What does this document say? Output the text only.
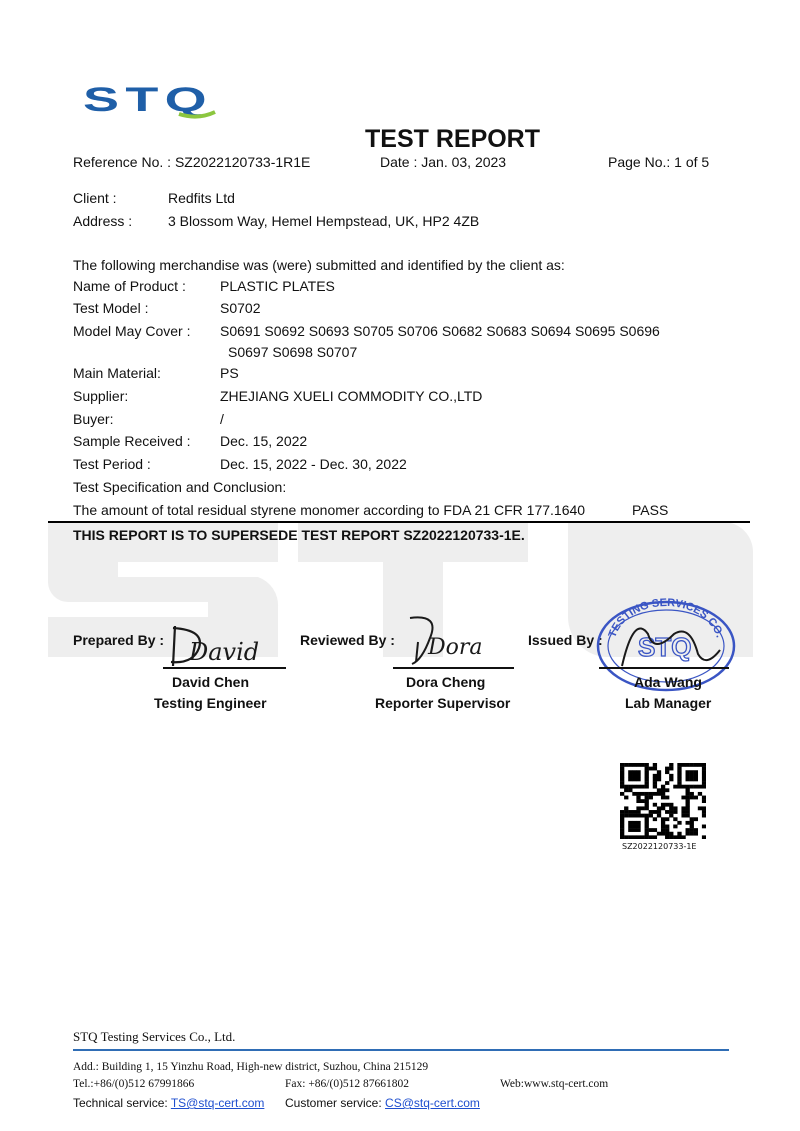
STQ
TEST REPORT
Reference No. : SZ2022120733-1R1E	Date : Jan. 03, 2023	Page No.: 1 of 5
Client :	Redfits Ltd
Address :	3 Blossom Way, Hemel Hempstead, UK, HP2 4ZB
The following merchandise was (were) submitted and identified by the client as:
Name of Product : PLASTIC PLATES
Test Model :	S0702
Model May Cover : S0691 S0692 S0693 S0705 S0706 S0682 S0683 S0694 S0695 S0696
S0697 S0698 S0707
Main Material:	PS
Supplier:	ZHEJIANG XUELI COMMODITY CO.,LTD
Buyer:	/
Sample Received : Dec. 15, 2022
Test Period :	Dec. 15, 2022 - Dec. 30, 2022
Test Specification and Conclusion:
The amount of total residual styrene monomer according to FDA 21 CFR 177.1640	PASS
THIS REPORT IS TO SUPERSEDE TEST REPORT SZ2022120733-1E.
Prepared By : David
David Chen
Testing Engineer
Reviewed By : Dora
Dora Cheng
Reporter Supervisor
Issued By : TESTING SERVICES CO.
STQ
Ada Wang
Lab Manager
SZ2022120733-1E
STQ Testing Services Co., Ltd.
Add.: Building 1, 15 Yinzhu Road, High-new district, Suzhou, China 215129
Tel.:+86/(0)512 67991866	Fax: +86/(0)512 87661802	Web:www.stq-cert.com
Technical service: TS@stq-cert.com Customer service: CS@stq-cert.com
